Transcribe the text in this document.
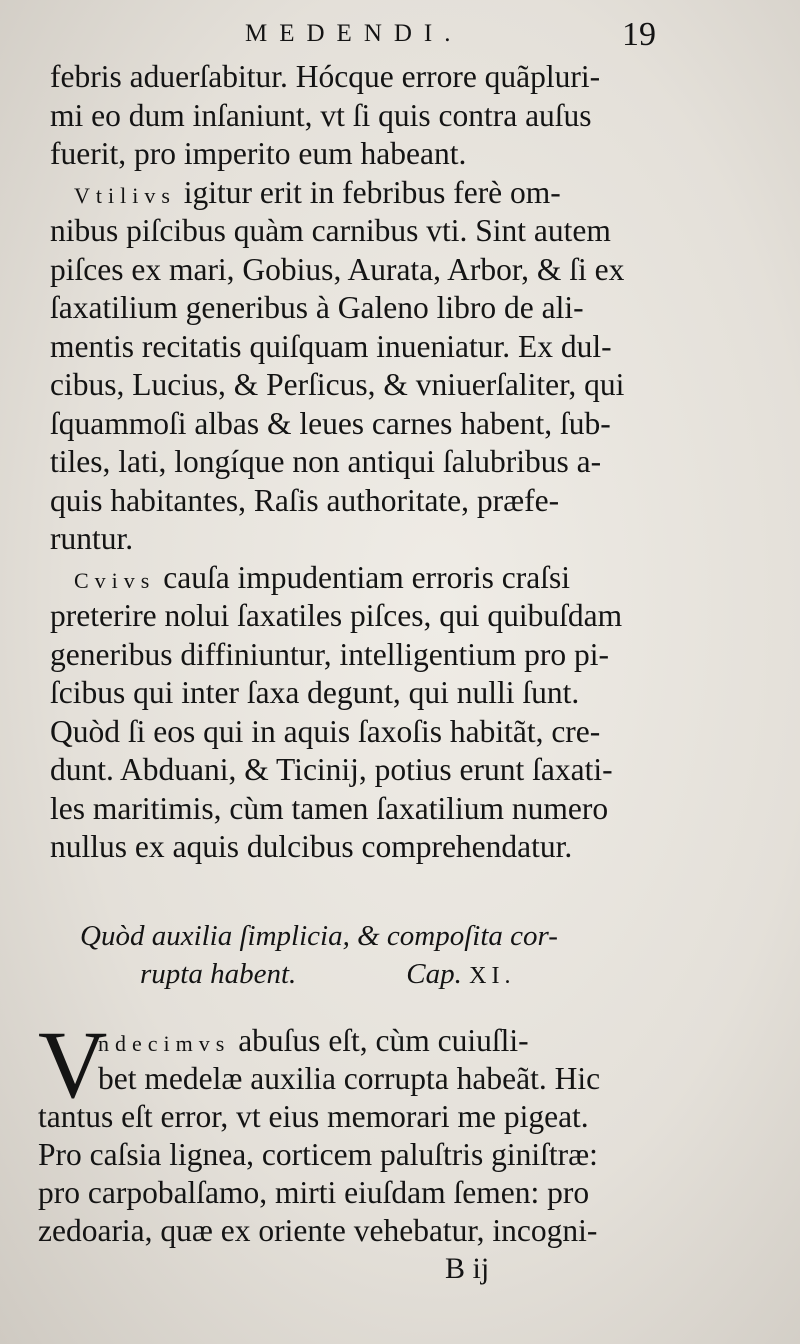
MEDENDI.	19
febris aduerſabitur. Hócque errore quãpluri-
mi eo dum inſaniunt, vt ſi quis contra auſus
fuerit, pro imperito eum habeant.
Vtilivs igitur erit in febribus ferè om-
nibus piſcibus quàm carnibus vti. Sint autem
piſces ex mari, Gobius, Aurata, Arbor, & ſi ex
ſaxatilium generibus à Galeno libro de ali-
mentis recitatis quiſquam inueniatur. Ex dul-
cibus, Lucius, & Perſicus, & vniuerſaliter, qui
ſquammoſi albas & leues carnes habent, ſub-
tiles, lati, longíque non antiqui ſalubribus a-
quis habitantes, Raſis authoritate, præfe-
runtur.
Cvivs cauſa impudentiam erroris craſsi
preterire nolui ſaxatiles piſces, qui quibuſdam
generibus diffiniuntur, intelligentium pro pi-
ſcibus qui inter ſaxa degunt, qui nulli ſunt.
Quòd ſi eos qui in aquis ſaxoſis habitãt, cre-
dunt. Abduani, & Ticinij, potius erunt ſaxati-
les maritimis, cùm tamen ſaxatilium numero
nullus ex aquis dulcibus comprehendatur.
Quòd auxilia ſimplicia, & compoſita cor-
rupta habent.	Cap. XI.
V
ndecimvs abuſus eſt, cùm cuiuſli-
bet medelæ auxilia corrupta habeãt. Hic
tantus eſt error, vt eius memorari me pigeat.
Pro caſsia lignea, corticem paluſtris giniſtræ:
pro carpobalſamo, mirti eiuſdam ſemen: pro
zedoaria, quæ ex oriente vehebatur, incogni-
B ij
